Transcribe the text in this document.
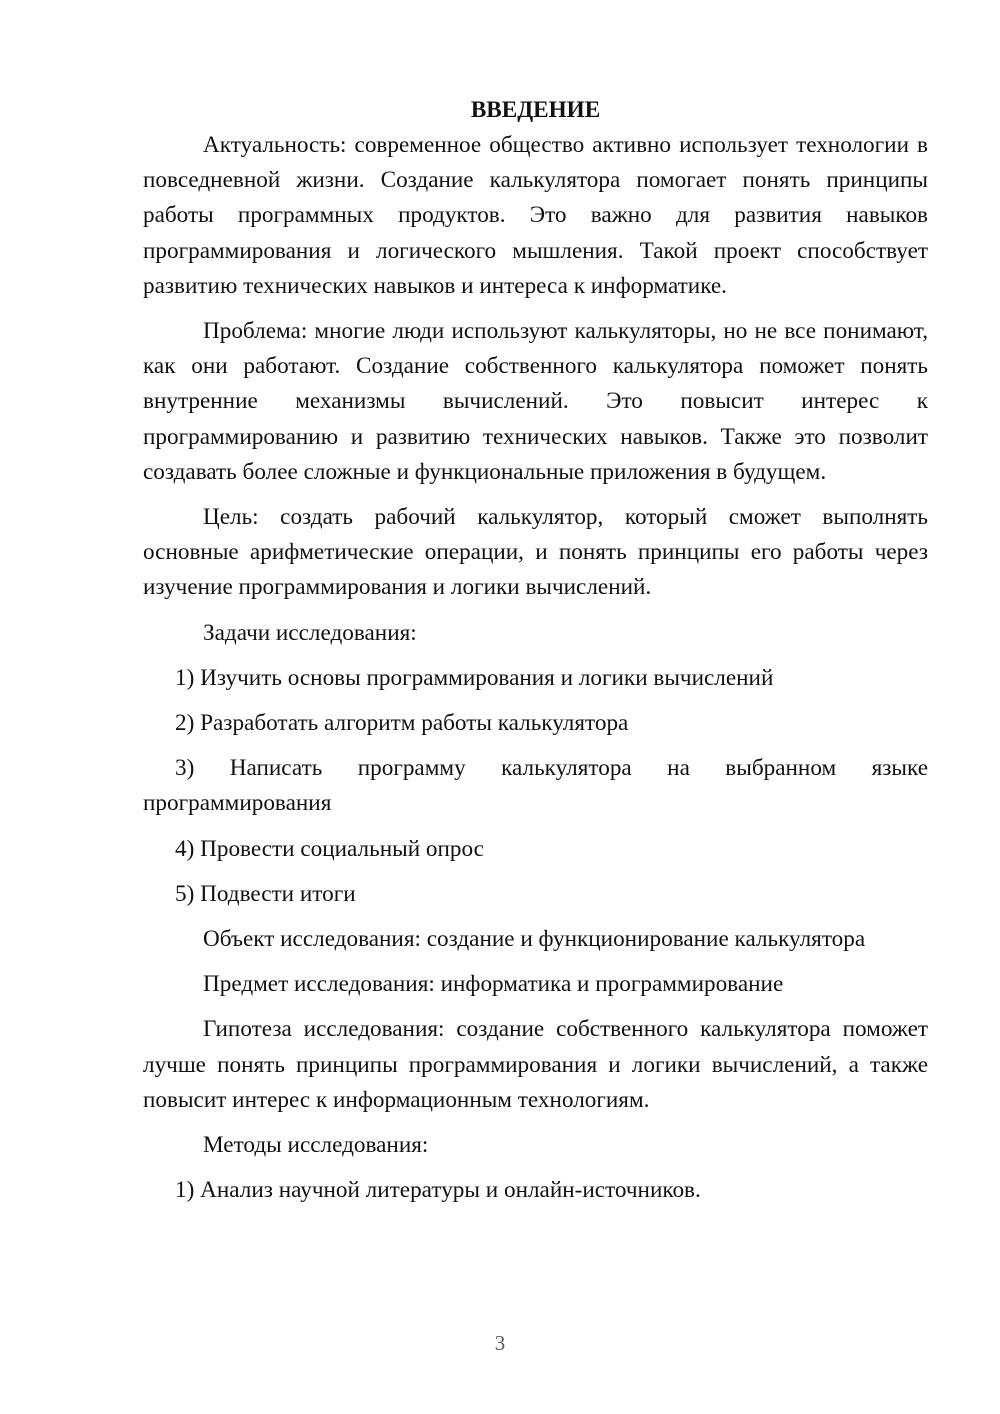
ВВЕДЕНИЕ

Актуальность: современное общество активно использует технологии в повседневной жизни. Создание калькулятора помогает понять принципы работы программных продуктов. Это важно для развития навыков программирования и логического мышления. Такой проект способствует развитию технических навыков и интереса к информатике.

Проблема: многие люди используют калькуляторы, но не все понимают, как они работают. Создание собственного калькулятора поможет понять внутренние механизмы вычислений. Это повысит интерес к программированию и развитию технических навыков. Также это позволит создавать более сложные и функциональные приложения в будущем.

Цель: создать рабочий калькулятор, который сможет выполнять основные арифметические операции, и понять принципы его работы через изучение программирования и логики вычислений.

Задачи исследования:

1) Изучить основы программирования и логики вычислений

2) Разработать алгоритм работы калькулятора

3) Написать программу калькулятора на выбранном языке программирования

4) Провести социальный опрос

5) Подвести итоги

Объект исследования: создание и функционирование калькулятора

Предмет исследования: информатика и программирование

Гипотеза исследования: создание собственного калькулятора поможет лучше понять принципы программирования и логики вычислений, а также повысит интерес к информационным технологиям.

Методы исследования:

1) Анализ научной литературы и онлайн-источников.

3
